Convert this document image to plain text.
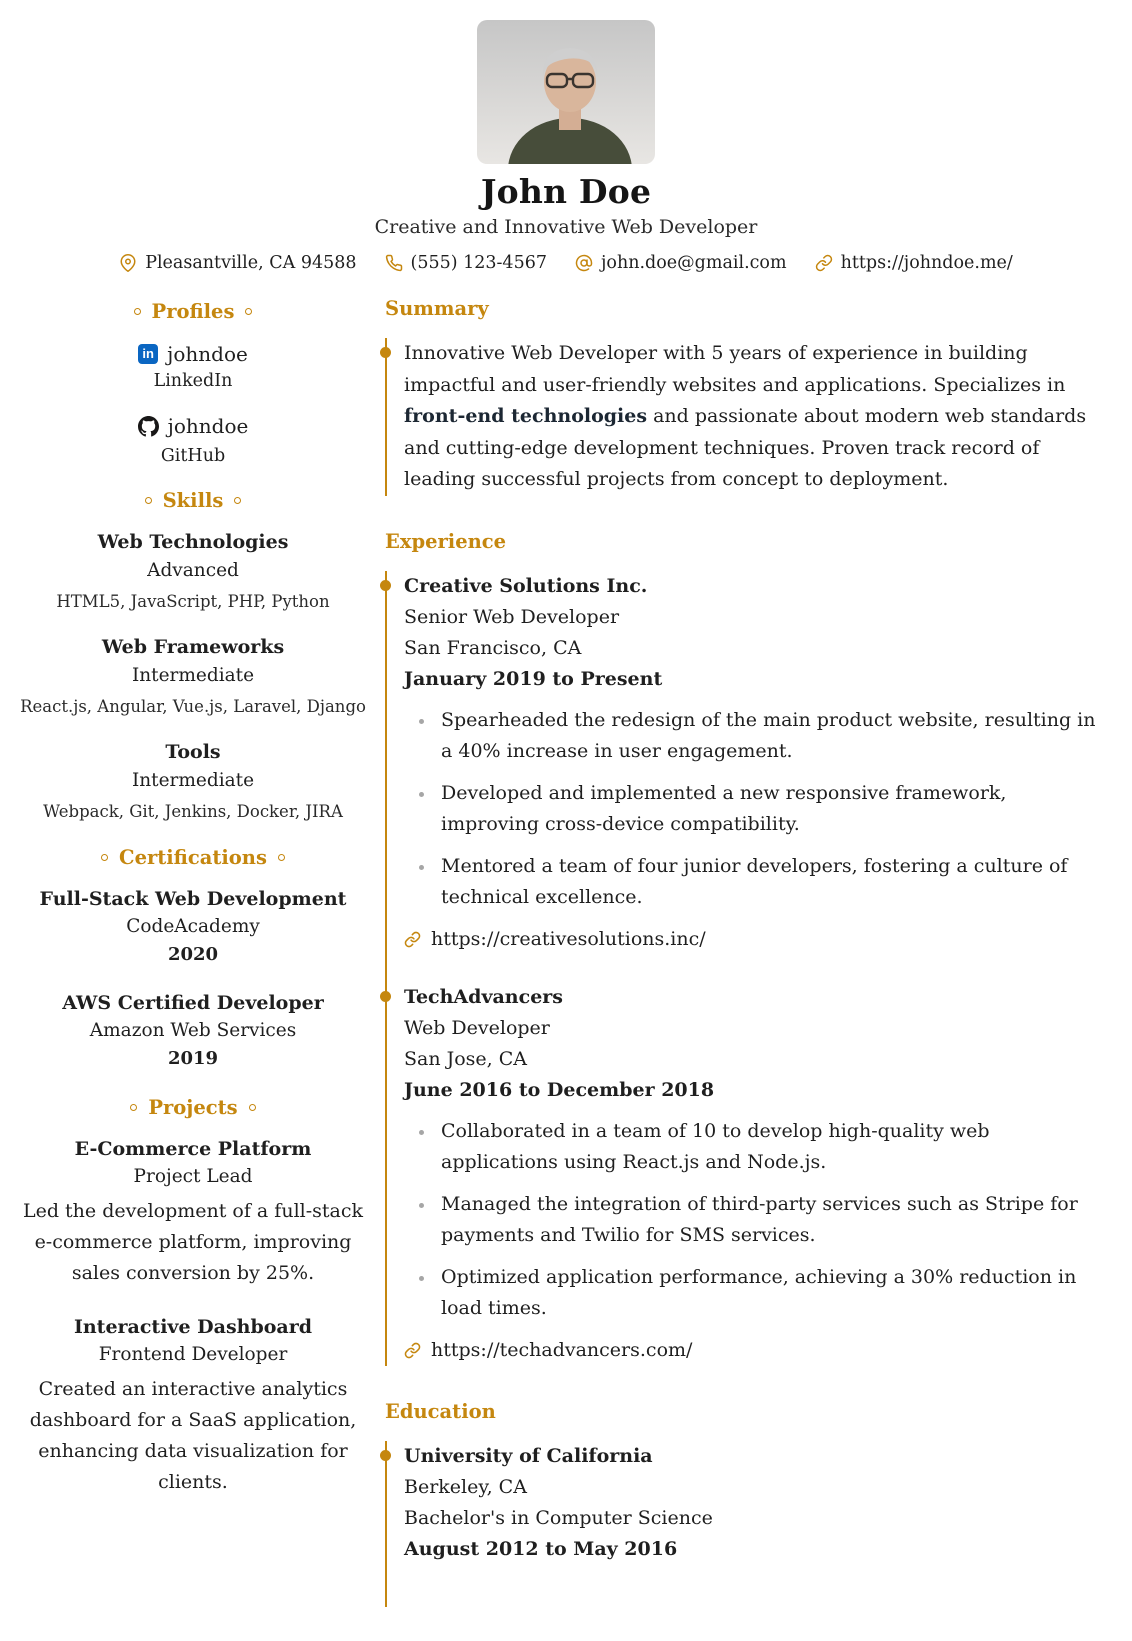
John Doe
Creative and Innovative Web Developer
Pleasantville, CA 94588	(555) 123-4567	john.doe@gmail.com	https://johndoe.me/
Profiles
in johndoe
LinkedIn
johndoe
GitHub
Skills
Web Technologies
Advanced
HTML5, JavaScript, PHP, Python
Web Frameworks
Intermediate
React.js, Angular, Vue.js, Laravel, Django
Tools
Intermediate
Webpack, Git, Jenkins, Docker, JIRA
Certifications
Full-Stack Web Development
CodeAcademy
2020
AWS Certified Developer
Amazon Web Services
2019
Projects
E-Commerce Platform
Project Lead
Led the development of a full-stack e-commerce platform, improving sales conversion by 25%.
Interactive Dashboard
Frontend Developer
Created an interactive analytics dashboard for a SaaS application, enhancing data visualization for clients.
Summary

Innovative Web Developer with 5 years of experience in building impactful and user-friendly websites and applications. Specializes in front-end technologies and passionate about modern web standards and cutting-edge development techniques. Proven track record of leading successful projects from concept to deployment.

Experience
Creative Solutions Inc.
Senior Web Developer
San Francisco, CA
January 2019 to Present
Spearheaded the redesign of the main product website, resulting in a 40% increase in user engagement.
Developed and implemented a new responsive framework, improving cross-device compatibility.
Mentored a team of four junior developers, fostering a culture of technical excellence.
https://creativesolutions.inc/
TechAdvancers
Web Developer
San Jose, CA
June 2016 to December 2018
Collaborated in a team of 10 to develop high-quality web applications using React.js and Node.js.
Managed the integration of third-party services such as Stripe for payments and Twilio for SMS services.
Optimized application performance, achieving a 30% reduction in load times.
https://techadvancers.com/
Education
University of California
Berkeley, CA
Bachelor's in Computer Science
August 2012 to May 2016
